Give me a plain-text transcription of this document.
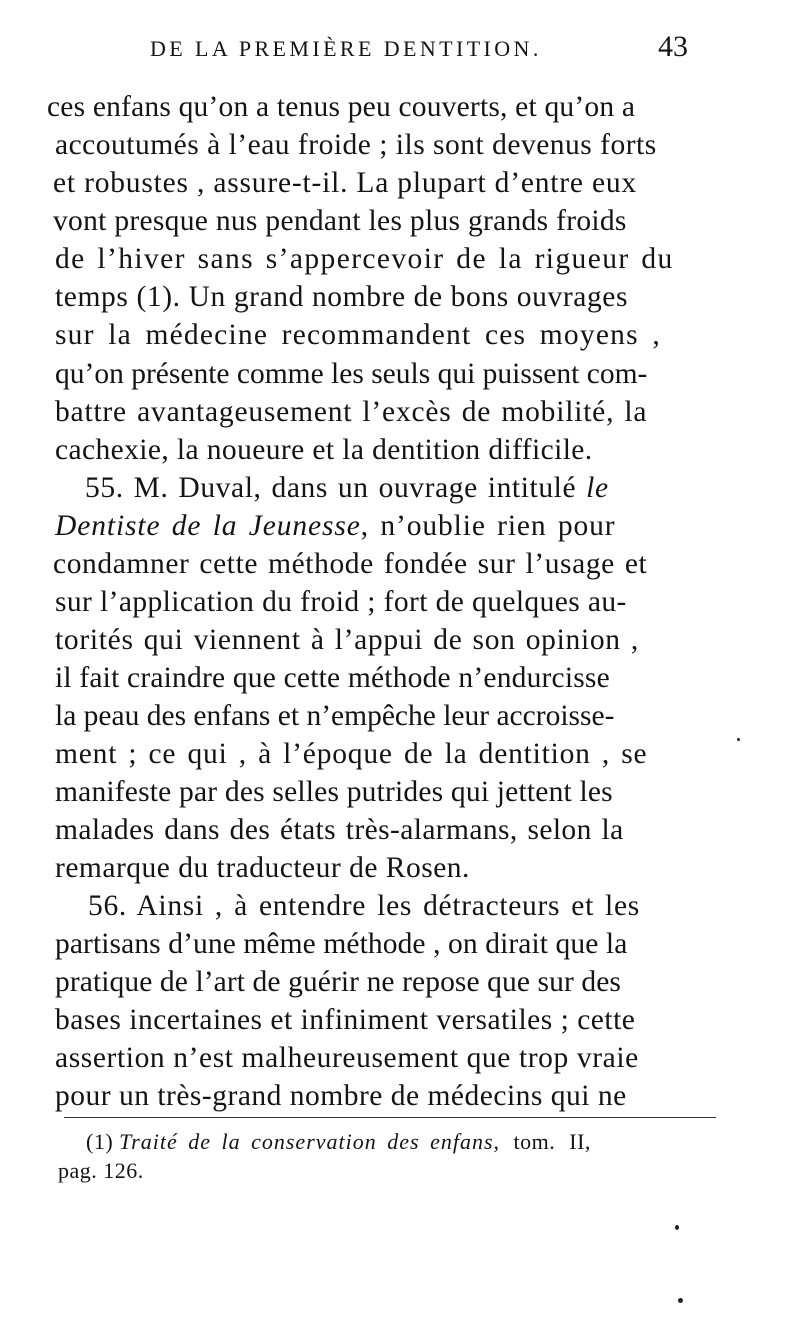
DE LA PREMIÈRE DENTITION.	43
ces enfans qu’on a tenus peu couverts, et qu’on a
accoutumés à l’eau froide ; ils sont devenus forts
et robustes , assure-t-il. La plupart d’entre eux
vont presque nus pendant les plus grands froids
de l’hiver sans s’appercevoir de la rigueur du
temps (1). Un grand nombre de bons ouvrages
sur la médecine recommandent ces moyens ,
qu’on présente comme les seuls qui puissent com-
battre avantageusement l’excès de mobilité, la
cachexie, la noueure et la dentition difficile.
55. M. Duval, dans un ouvrage intitulé le
Dentiste de la Jeunesse, n’oublie rien pour
condamner cette méthode fondée sur l’usage et
sur l’application du froid ; fort de quelques au-
torités qui viennent à l’appui de son opinion ,
il fait craindre que cette méthode n’endurcisse
la peau des enfans et n’empêche leur accroisse-
ment ; ce qui , à l’époque de la dentition , se
manifeste par des selles putrides qui jettent les
malades dans des états très-alarmans, selon la
remarque du traducteur de Rosen.
56. Ainsi , à entendre les détracteurs et les
partisans d’une même méthode , on dirait que la
pratique de l’art de guérir ne repose que sur des
bases incertaines et infiniment versatiles ; cette
assertion n’est malheureusement que trop vraie
pour un très-grand nombre de médecins qui ne
(1) Traité de la conservation des enfans, tom. II,
pag. 126.
